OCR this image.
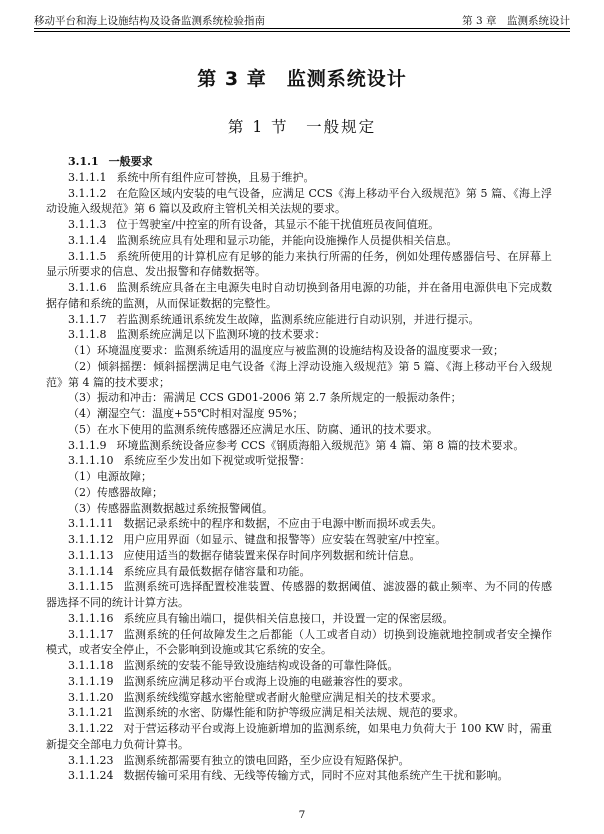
移动平台和海上设施结构及设备监测系统检验指南	第 3 章　监测系统设计
第 3 章　监测系统设计
第 1 节　一般规定

3.1.1 一般要求

3.1.1.1 系统中所有组件应可替换，且易于维护。

3.1.1.2 在危险区域内安装的电气设备，应满足 CCS《海上移动平台入级规范》第 5 篇、《海上浮动设施入级规范》第 6 篇以及政府主管机关相关法规的要求。

3.1.1.3 位于驾驶室/中控室的所有设备，其显示不能干扰值班员夜间值班。

3.1.1.4 监测系统应具有处理和显示功能，并能向设施操作人员提供相关信息。

3.1.1.5 系统所使用的计算机应有足够的能力来执行所需的任务，例如处理传感器信号、在屏幕上显示所要求的信息、发出报警和存储数据等。

3.1.1.6 监测系统应具备在主电源失电时自动切换到备用电源的功能，并在备用电源供电下完成数据存储和系统的监测，从而保证数据的完整性。

3.1.1.7 若监测系统通讯系统发生故障，监测系统应能进行自动识别，并进行提示。

3.1.1.8 监测系统应满足以下监测环境的技术要求：

（1）环境温度要求：监测系统适用的温度应与被监测的设施结构及设备的温度要求一致；

（2）倾斜摇摆：倾斜摇摆满足电气设备《海上浮动设施入级规范》第 5 篇、《海上移动平台入级规范》第 4 篇的技术要求；

（3）振动和冲击：需满足 CCS GD01-2006 第 2.7 条所规定的一般振动条件；

（4）潮湿空气：温度+55℃时相对湿度 95%；

（5）在水下使用的监测系统传感器还应满足水压、防腐、通讯的技术要求。

3.1.1.9 环境监测系统设备应参考 CCS《钢质海船入级规范》第 4 篇、第 8 篇的技术要求。

3.1.1.10 系统应至少发出如下视觉或听觉报警：

（1）电源故障；

（2）传感器故障；

（3）传感器监测数据越过系统报警阈值。

3.1.1.11 数据记录系统中的程序和数据，不应由于电源中断而损坏或丢失。

3.1.1.12 用户应用界面（如显示、键盘和报警等）应安装在驾驶室/中控室。

3.1.1.13 应使用适当的数据存储装置来保存时间序列数据和统计信息。

3.1.1.14 系统应具有最低数据存储容量和功能。

3.1.1.15 监测系统可选择配置校准装置、传感器的数据阈值、滤波器的截止频率、为不同的传感器选择不同的统计计算方法。

3.1.1.16 系统应具有输出端口，提供相关信息接口，并设置一定的保密层级。

3.1.1.17 监测系统的任何故障发生之后都能（人工或者自动）切换到设施就地控制或者安全操作模式，或者安全停止，不会影响到设施或其它系统的安全。

3.1.1.18 监测系统的安装不能导致设施结构或设备的可靠性降低。

3.1.1.19 监测系统应满足移动平台或海上设施的电磁兼容性的要求。

3.1.1.20 监测系统线缆穿越水密舱壁或者耐火舱壁应满足相关的技术要求。

3.1.1.21 监测系统的水密、防爆性能和防护等级应满足相关法规、规范的要求。

3.1.1.22 对于营运移动平台或海上设施新增加的监测系统，如果电力负荷大于 100 KW 时，需重新提交全部电力负荷计算书。

3.1.1.23 监测系统都需要有独立的馈电回路，至少应设有短路保护。

3.1.1.24 数据传输可采用有线、无线等传输方式，同时不应对其他系统产生干扰和影响。

7
